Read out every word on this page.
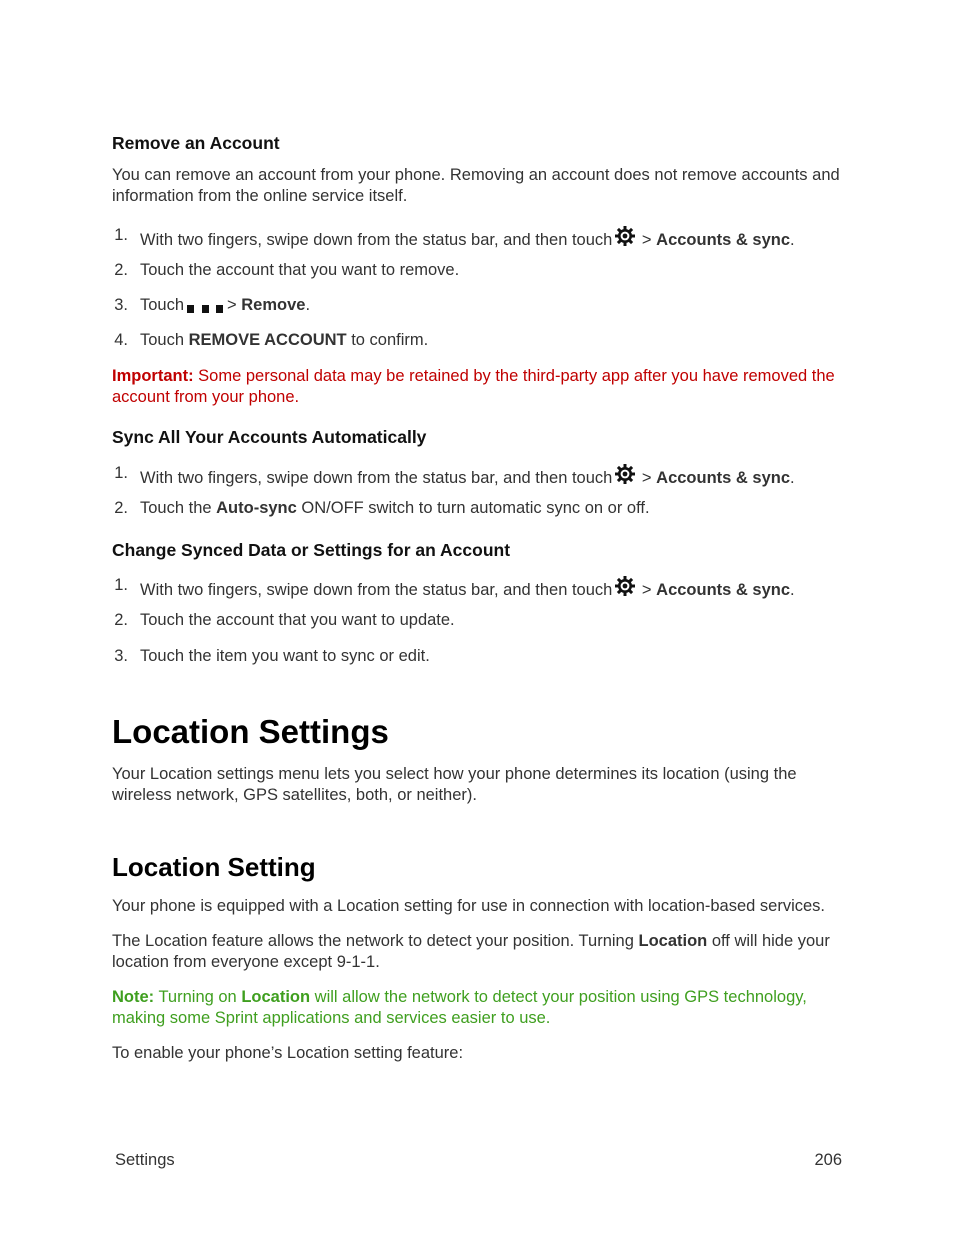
Remove an Account
You can remove an account from your phone. Removing an account does not remove accounts and information from the online service itself.
1. With two fingers, swipe down from the status bar, and then touch > Accounts & sync.
2. Touch the account that you want to remove.
3. Touch	> Remove.
4. Touch REMOVE ACCOUNT to confirm.
Important: Some personal data may be retained by the third-party app after you have removed the account from your phone.
Sync All Your Accounts Automatically
1. With two fingers, swipe down from the status bar, and then touch > Accounts & sync.
2. Touch the Auto-sync ON/OFF switch to turn automatic sync on or off.
Change Synced Data or Settings for an Account
1. With two fingers, swipe down from the status bar, and then touch > Accounts & sync.
2. Touch the account that you want to update.
3. Touch the item you want to sync or edit.
Location Settings
Your Location settings menu lets you select how your phone determines its location (using the wireless network, GPS satellites, both, or neither).
Location Setting
Your phone is equipped with a Location setting for use in connection with location-based services.
The Location feature allows the network to detect your position. Turning Location off will hide your location from everyone except 9-1-1.
Note: Turning on Location will allow the network to detect your position using GPS technology, making some Sprint applications and services easier to use.
To enable your phone’s Location setting feature:
Settings	206
